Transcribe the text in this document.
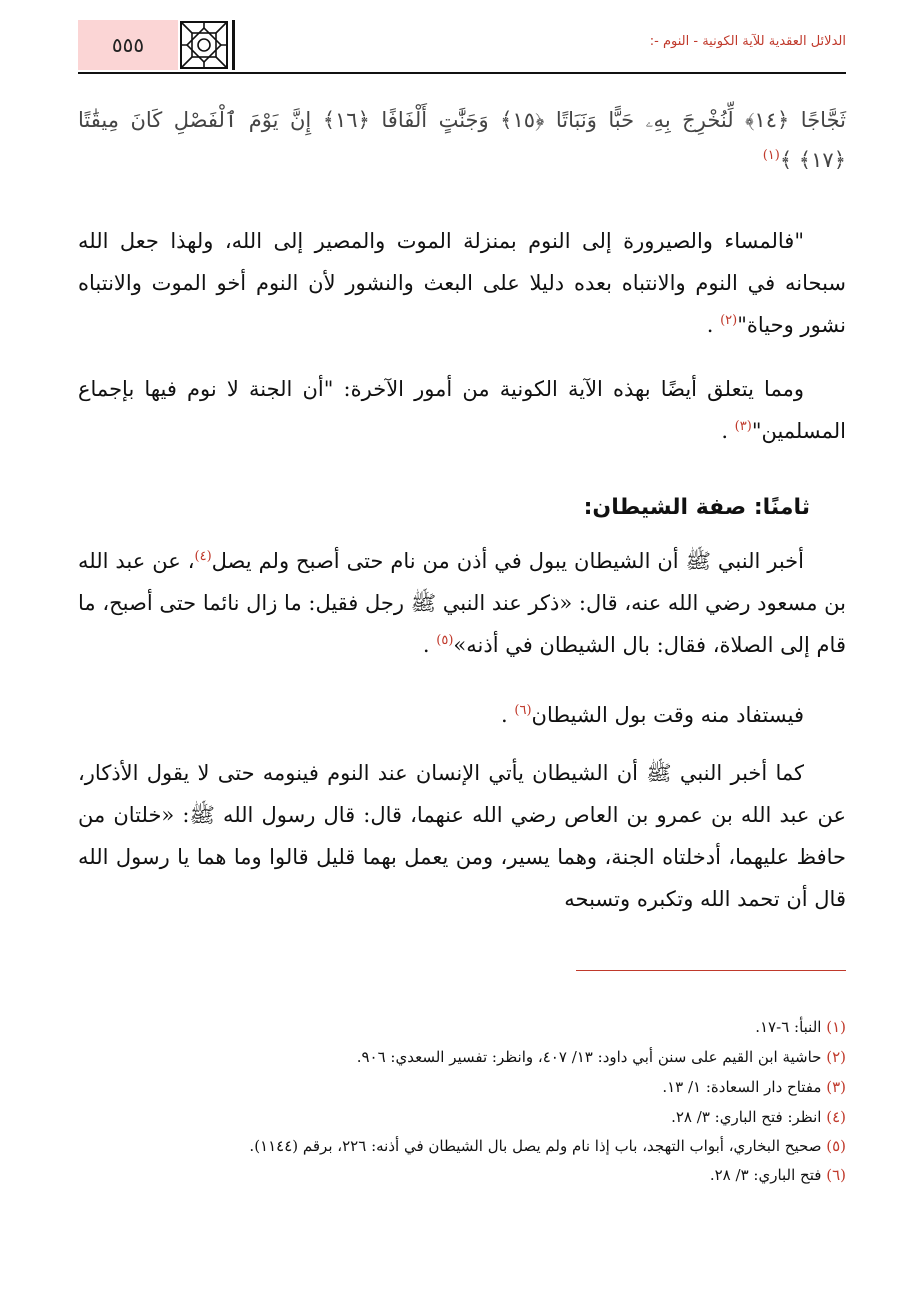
٥٥٥	الدلائل العقدية للآية الكونية - النوم -:
ثَجَّاجًا ﴿١٤﴾ لِّنُخْرِجَ بِهِۦ حَبًّا وَنَبَاتًا ﴿١٥﴾ وَجَنَّٰتٍ أَلْفَافًا ﴿١٦﴾ إِنَّ يَوْمَ ٱلْفَصْلِ كَانَ مِيقَٰتًا
﴿١٧﴾ ﴾$^{(١)}$
"فالمساء والصيرورة إلى النوم بمنزلة الموت والمصير إلى الله، ولهذا جعل الله سبحانه في النوم والانتباه بعده دليلا على البعث والنشور لأن النوم أخو الموت والانتباه نشور وحياة"$^{(٢)}$ .
ومما يتعلق أيضًا بهذه الآية الكونية من أمور الآخرة: "أن الجنة لا نوم فيها بإجماع المسلمين"$^{(٣)}$ .
ثامنًا: صفة الشيطان:
أخبر النبي ﷺ أن الشيطان يبول في أذن من نام حتى أصبح ولم يصل$^{(٤)}$، عن عبد الله بن مسعود رضي الله عنه، قال: «ذكر عند النبي ﷺ رجل فقيل: ما زال نائما حتى أصبح، ما قام إلى الصلاة، فقال: بال الشيطان في أذنه»$^{(٥)}$ .
فيستفاد منه وقت بول الشيطان$^{(٦)}$ .
كما أخبر النبي ﷺ أن الشيطان يأتي الإنسان عند النوم فينومه حتى لا يقول الأذكار، عن عبد الله بن عمرو بن العاص رضي الله عنهما، قال: قال رسول الله ﷺ: «خلتان من حافظ عليهما، أدخلتاه الجنة، وهما يسير، ومن يعمل بهما قليل قالوا وما هما يا رسول الله قال أن تحمد الله وتكبره وتسبحه
(١) النبأ: ٦-١٧.
(٢) حاشية ابن القيم على سنن أبي داود: ١٣/ ٤٠٧، وانظر: تفسير السعدي: ٩٠٦.
(٣) مفتاح دار السعادة: ١/ ١٣.
(٤) انظر: فتح الباري: ٣/ ٢٨.
(٥) صحيح البخاري، أبواب التهجد، باب إذا نام ولم يصل بال الشيطان في أذنه: ٢٢٦، برقم (١١٤٤).
(٦) فتح الباري: ٣/ ٢٨.
